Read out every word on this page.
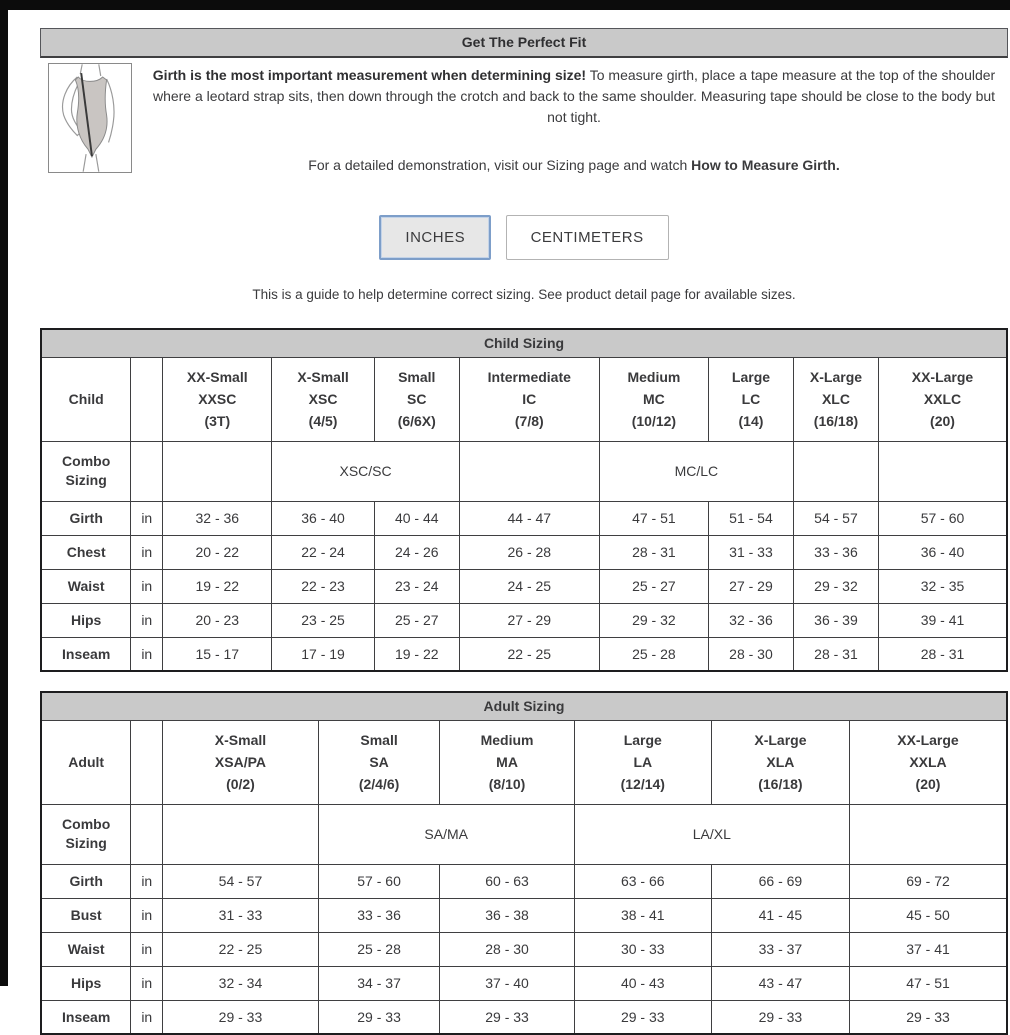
Get The Perfect Fit

Girth is the most important measurement when determining size! To measure girth, place a tape measure at the top of the shoulder where a leotard strap sits, then down through the crotch and back to the same shoulder. Measuring tape should be close to the body but not tight.

For a detailed demonstration, visit our Sizing page and watch How to Measure Girth.

INCHES	CENTIMETERS

This is a guide to help determine correct sizing. See product detail page for available sizes.

Child Sizing									
Child		XX-Small
XXSC
(3T)	X-Small
XSC
(4/5)	Small
SC
(6/6X)	Intermediate
IC
(7/8)	Medium
MC
(10/12)	Large
LC
(14)	X-Large
XLC
(16/18)	XX-Large
XXLC
(20)
Combo Sizing			XSC/SC			MC/LC			
Girth	in	32 - 36	36 - 40	40 - 44	44 - 47	47 - 51	51 - 54	54 - 57	57 - 60
Chest	in	20 - 22	22 - 24	24 - 26	26 - 28	28 - 31	31 - 33	33 - 36	36 - 40
Waist	in	19 - 22	22 - 23	23 - 24	24 - 25	25 - 27	27 - 29	29 - 32	32 - 35
Hips	in	20 - 23	23 - 25	25 - 27	27 - 29	29 - 32	32 - 36	36 - 39	39 - 41
Inseam	in	15 - 17	17 - 19	19 - 22	22 - 25	25 - 28	28 - 30	28 - 31	28 - 31
Adult Sizing							
Adult		X-Small
XSA/PA
(0/2)	Small
SA
(2/4/6)	Medium
MA
(8/10)	Large
LA
(12/14)	X-Large
XLA
(16/18)	XX-Large
XXLA
(20)
Combo Sizing			SA/MA		LA/XL		
Girth	in	54 - 57	57 - 60	60 - 63	63 - 66	66 - 69	69 - 72
Bust	in	31 - 33	33 - 36	36 - 38	38 - 41	41 - 45	45 - 50
Waist	in	22 - 25	25 - 28	28 - 30	30 - 33	33 - 37	37 - 41
Hips	in	32 - 34	34 - 37	37 - 40	40 - 43	43 - 47	47 - 51
Inseam	in	29 - 33	29 - 33	29 - 33	29 - 33	29 - 33	29 - 33
